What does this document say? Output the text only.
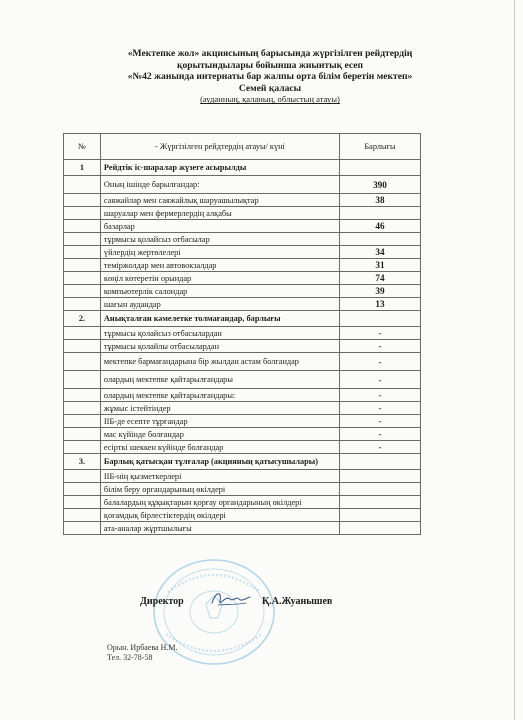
«Мектепке жол» акциясының барысында жүргізілген рейдтердің
қорытындылары бойынша жиынтық есеп
«№42 жанында интернаты бар жалпы орта білім беретін мектеп»
Семей қаласы
(ауданның, қаланың, облыстың атауы)
№	- Жүргізілген рейдтердің атауы/ күні	Барлығы
1	Рейдтік іс-шаралар жүзеге асырылды	
	Оның ішінде барылғандар:	390
	саяжайлар мен саяжайлық шаруашылықтар	38
	шаруалар мен фермерлердің алқабы	
	базарлар	46
	тұрмысы қолайсыз отбасылар	
	үйлердің жертөлелері	34
	теміржолдар мен автовокзалдар	31
	көңіл көтеретін орындар	74
	компьютерлік салондар	39
	шағын аудандар	13
2.	Анықталған кәмелетке толмағандар, барлығы	
	тұрмысы қолайсыз отбасылардан	-
	тұрмысы қолайлы отбасылардан	-
	мектепке бармағандарына бір жылдан астам болғандар	-
	олардың мектепке қайтарылғандары	-
	олардың мектепке қайтарылғандары:	-
	жұмыс істейтіндер	-
	ІІБ-де есепте тұрғандар	-
	мас күйінде болғандар	-
	есірткі шеккен күйінде болғандар	-
3.	Барлық қатысқан тұлғалар (акцияның қатысушылары)	
	ІІБ-нің қызметкерлері	
	білім беру органдарының өкілдері	
	балалардың құқықтарын қорғау органдарының өкілдері	
	қоғамдық бірлестіктердің өкілдері	
	ата-аналар жұртшылығы	
Директор	Қ.А.Жуанышев
Орын. Ирбаева Н.М.
Тел. 32-78-58
